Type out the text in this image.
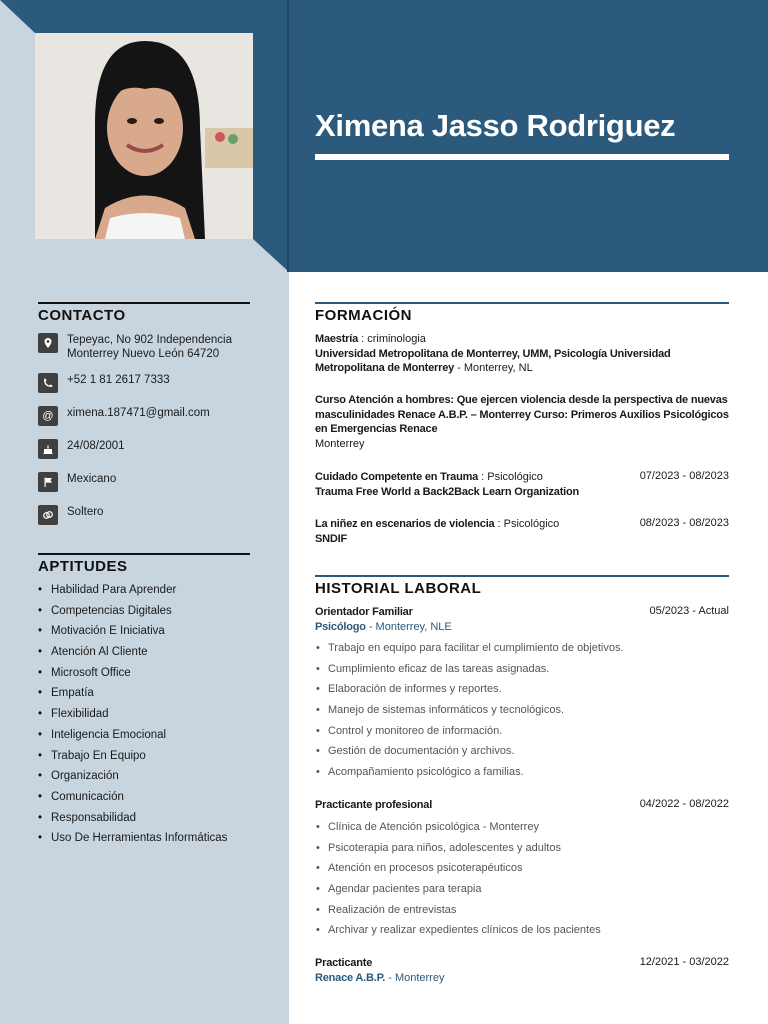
Ximena Jasso Rodriguez
CONTACTO
Tepeyac, No 902 Independencia Monterrey Nuevo León 64720
+52 1 81 2617 7333
@	ximena.187471@gmail.com
24/08/2001
Mexicano
Soltero
APTITUDES
• Habilidad Para Aprender
• Competencias Digitales
• Motivación E Iniciativa
• Atención Al Cliente
• Microsoft Office
• Empatía
• Flexibilidad
• Inteligencia Emocional
• Trabajo En Equipo
• Organización
• Comunicación
• Responsabilidad
• Uso De Herramientas Informáticas
FORMACIÓN
Maestría : criminologia
Universidad Metropolitana de Monterrey, UMM, Psicología Universidad Metropolitana de Monterrey - Monterrey, NL
Curso Atención a hombres: Que ejercen violencia desde la perspectiva de nuevas masculinidades Renace A.B.P. – Monterrey Curso: Primeros Auxilios Psicológicos en Emergencias Renace
Monterrey
Cuidado Competente en Trauma : Psicológico
Trauma Free World a Back2Back Learn Organization
07/2023 - 08/2023
La niñez en escenarios de violencia : Psicológico
SNDIF
08/2023 - 08/2023
HISTORIAL LABORAL
Orientador Familiar
Psicólogo - Monterrey, NLE
05/2023 - Actual
• Trabajo en equipo para facilitar el cumplimiento de objetivos.
• Cumplimiento eficaz de las tareas asignadas.
• Elaboración de informes y reportes.
• Manejo de sistemas informáticos y tecnológicos.
• Control y monitoreo de información.
• Gestión de documentación y archivos.
• Acompañamiento psicológico a familias.
Practicante profesional	04/2022 - 08/2022
• Clínica de Atención psicológica - Monterrey
• Psicoterapia para niños, adolescentes y adultos
• Atención en procesos psicoterapéuticos
• Agendar pacientes para terapia
• Realización de entrevistas
• Archivar y realizar expedientes clínicos de los pacientes
Practicante
Renace A.B.P. - Monterrey
12/2021 - 03/2022
